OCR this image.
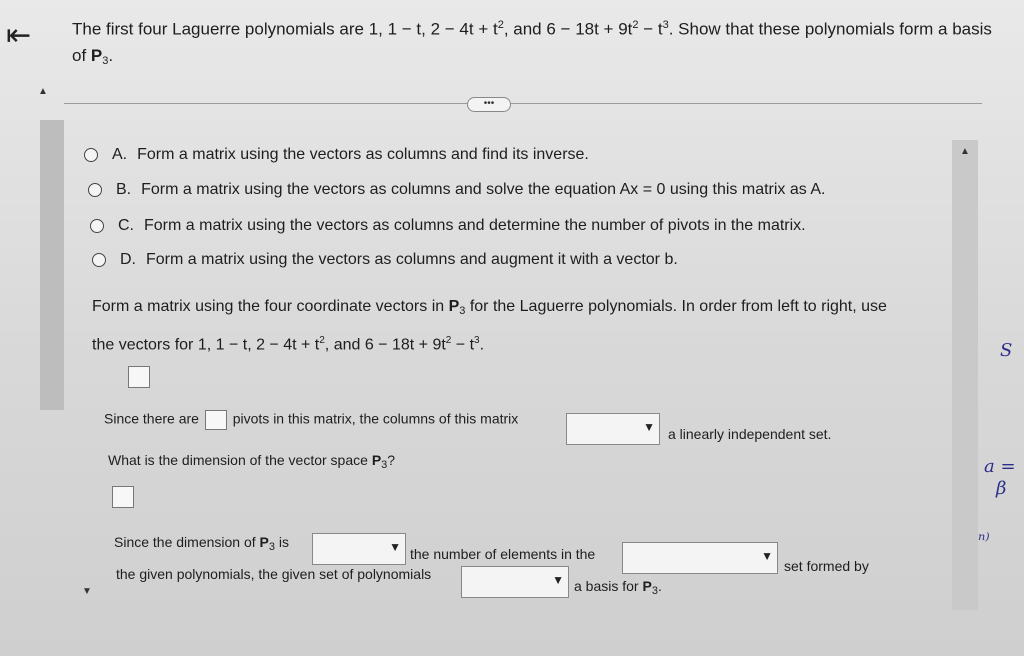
⇤ The first four Laguerre polynomials are 1, 1 − t, $2 - 4t + t^2$, and $6 - 18t + 9t^2 - t^3$. Show that these polynomials form a basis of $P_3$.
▲
▼
•••
▲
A. Form a matrix using the vectors as columns and find its inverse.
B. Form a matrix using the vectors as columns and solve the equation Ax = 0 using this matrix as A.
C. Form a matrix using the vectors as columns and determine the number of pivots in the matrix.
D. Form a matrix using the vectors as columns and augment it with a vector b.
Form a matrix using the four coordinate vectors in $P_3$ for the Laguerre polynomials. In order from left to right, use
the vectors for 1, 1 − t, $2 - 4t + t^2$, and $6 - 18t + 9t^2 - t^3$.
Since there are pivots in this matrix, the columns of this matrix
▼ a linearly independent set.
What is the dimension of the vector space $P_3$?
Since the dimension of $P_3$ is	▼ the number of elements in the	▼
set formed by
the given polynomials, the given set of polynomials	▼ a basis for $P_3$.
S
a =
β
ⁿ⁾
